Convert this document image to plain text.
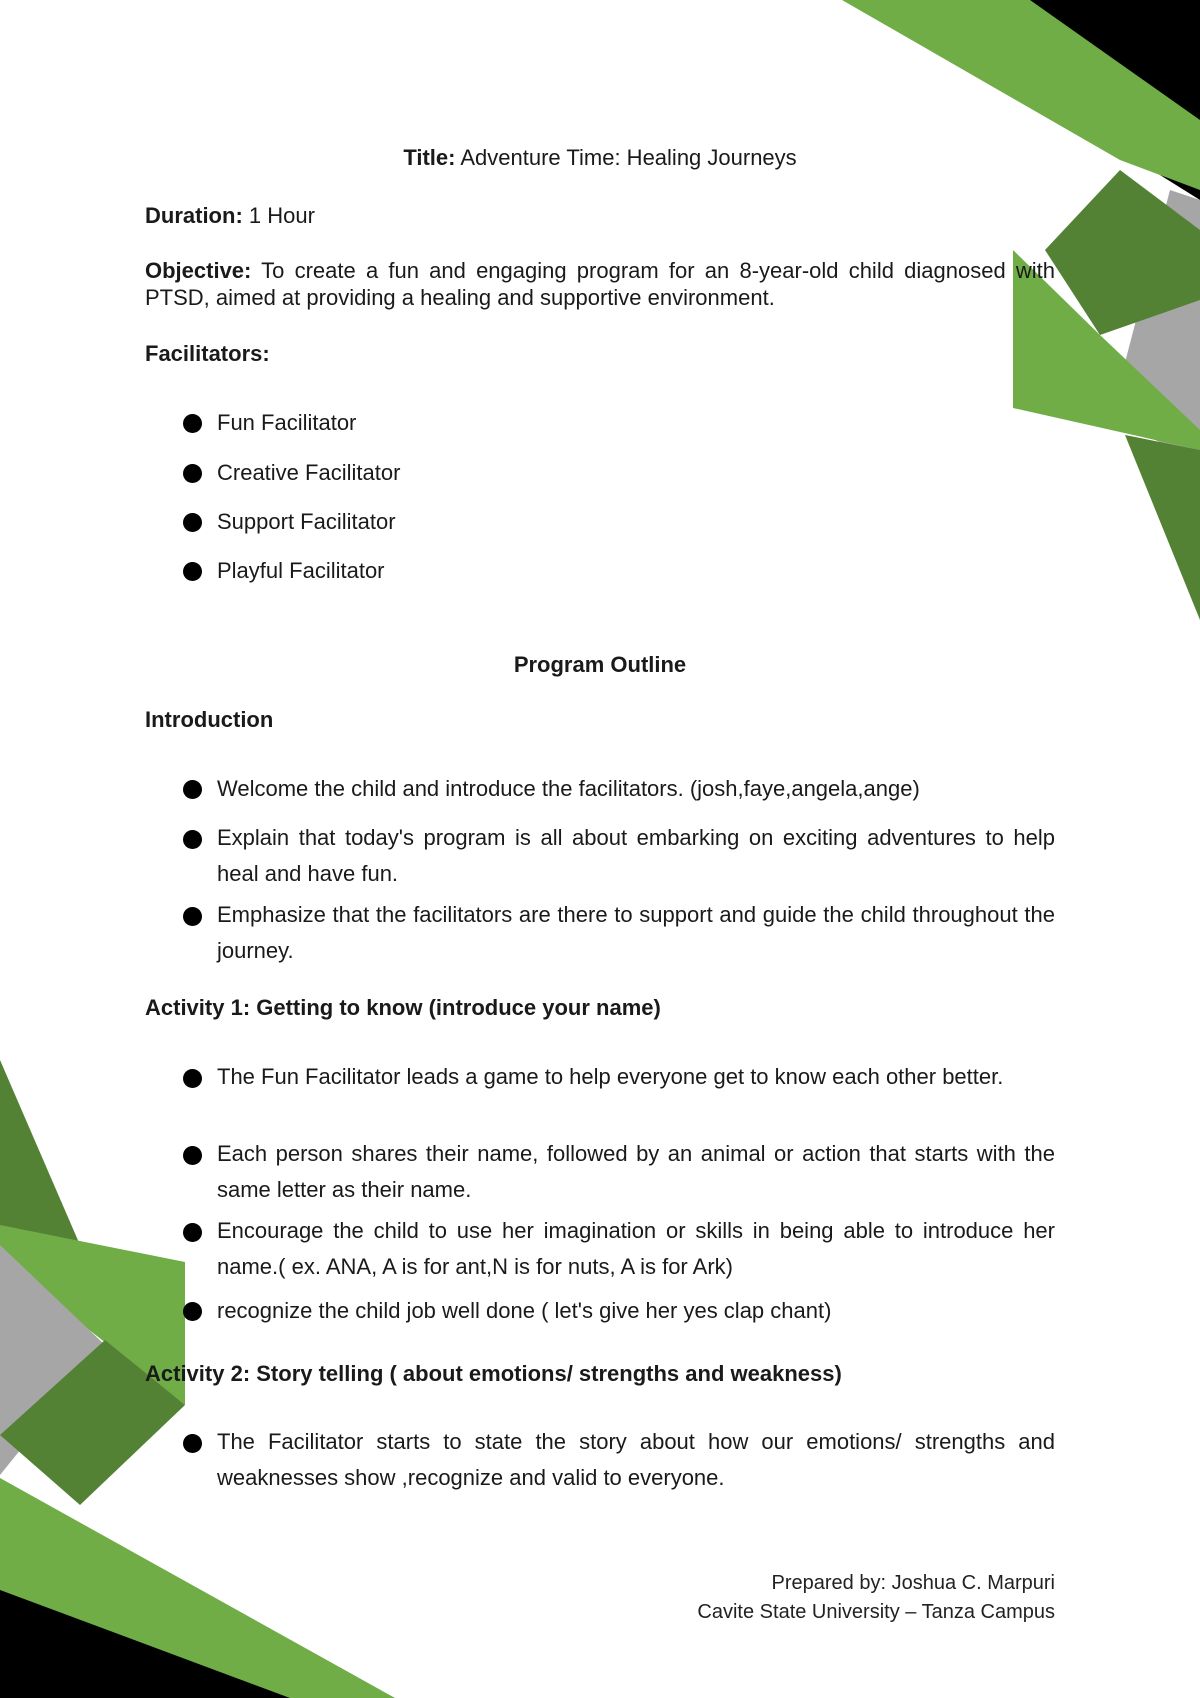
Title: Adventure Time: Healing Journeys

Duration: 1 Hour

Objective: To create a fun and engaging program for an 8-year-old child diagnosed with PTSD, aimed at providing a healing and supportive environment.

Facilitators:

Fun Facilitator
Creative Facilitator
Support Facilitator
Playful Facilitator

Program Outline

Introduction

Welcome the child and introduce the facilitators. (josh,faye,angela,ange)
Explain that today's program is all about embarking on exciting adventures to help heal and have fun.
Emphasize that the facilitators are there to support and guide the child throughout the journey.

Activity 1: Getting to know (introduce your name)

The Fun Facilitator leads a game to help everyone get to know each other better.
Each person shares their name, followed by an animal or action that starts with the same letter as their name.
Encourage the child to use her imagination or skills in being able to introduce her name.( ex. ANA, A is for ant,N is for nuts, A is for Ark)
recognize the child job well done ( let's give her yes clap chant)

Activity 2: Story telling ( about emotions/ strengths and weakness)

The Facilitator starts to state the story about how our emotions/ strengths and weaknesses show ,recognize and valid to everyone.
Prepared by: Joshua C. Marpuri
Cavite State University – Tanza Campus
